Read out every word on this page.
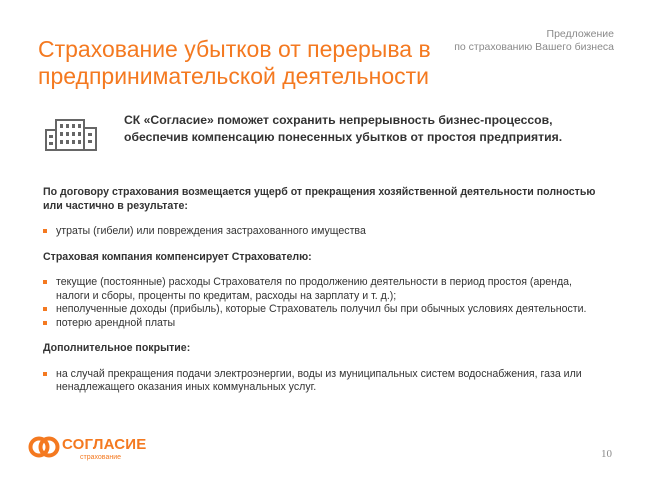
Предложение
по страхованию Вашего бизнеса
Страхование убытков от перерыва в предпринимательской деятельности
СК «Согласие» поможет сохранить непрерывность бизнес-процессов, обеспечив компенсацию понесенных убытков от простоя предприятия.

По договору страхования возмещается ущерб от прекращения хозяйственной деятельности полностью или частично в результате:

утраты (гибели) или повреждения застрахованного имущества

Страховая компания компенсирует Страхователю:

текущие (постоянные) расходы Страхователя по продолжению деятельности в период простоя (аренда, налоги и сборы, проценты по кредитам, расходы на зарплату и т. д.);
неполученные доходы (прибыль), которые Страхователь получил бы при обычных условиях деятельности.
потерю арендной платы

Дополнительное покрытие:

на случай прекращения подачи электроэнергии, воды из муниципальных систем водоснабжения, газа или ненадлежащего оказания иных коммунальных услуг.
СОГЛАСИЕ
страхование	10
